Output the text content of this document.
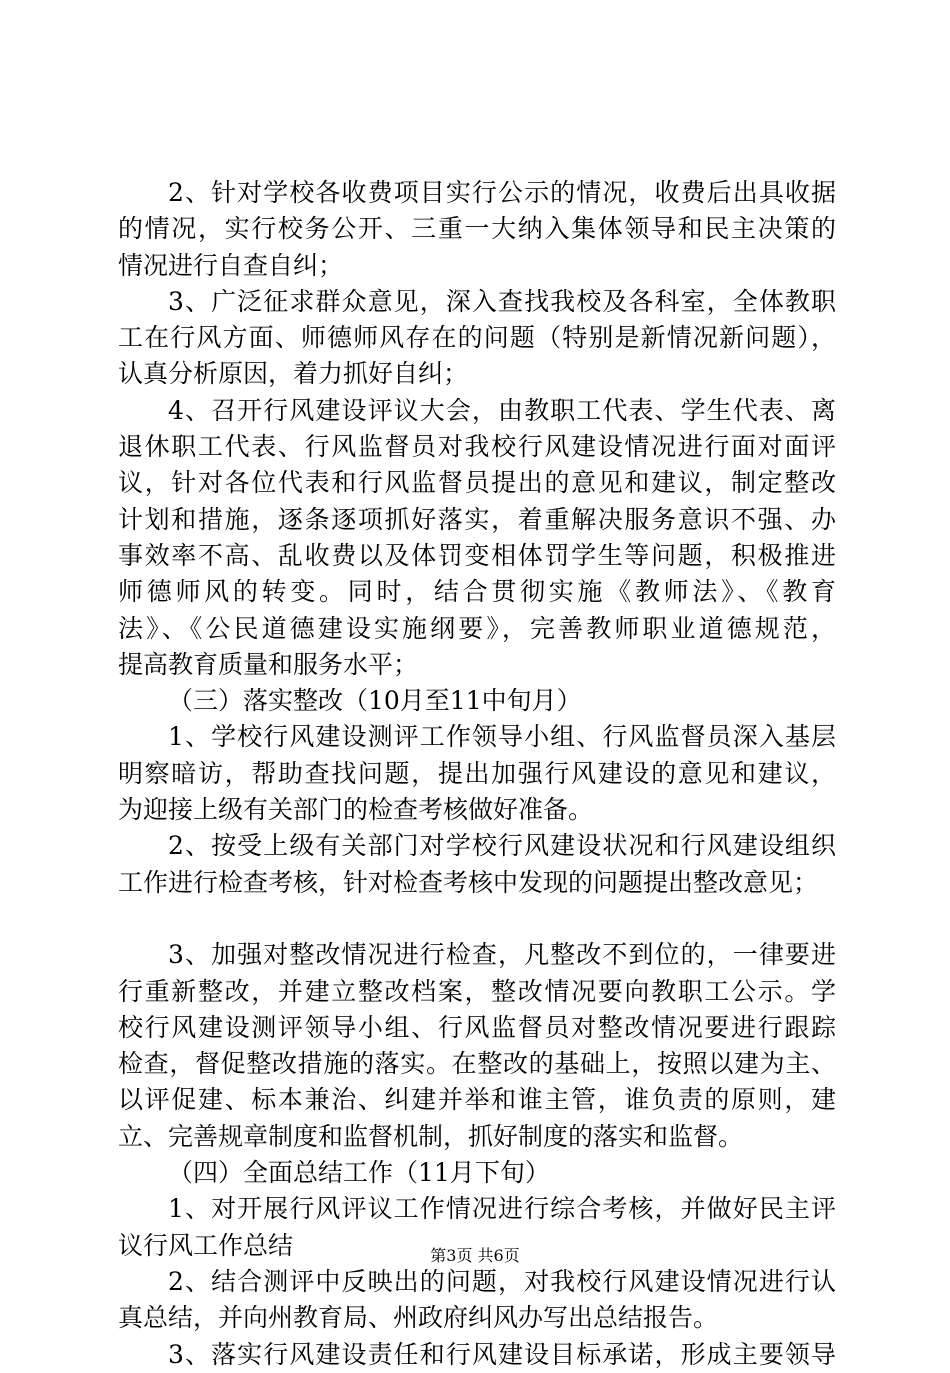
2、针对学校各收费项目实行公示的情况，收费后出具收据
的情况，实行校务公开、三重一大纳入集体领导和民主决策的
情况进行自查自纠；
3、广泛征求群众意见，深入查找我校及各科室，全体教职
工在行风方面、师德师风存在的问题（特别是新情况新问题），
认真分析原因，着力抓好自纠；
4、召开行风建设评议大会，由教职工代表、学生代表、离
退休职工代表、行风监督员对我校行风建设情况进行面对面评
议，针对各位代表和行风监督员提出的意见和建议，制定整改
计划和措施，逐条逐项抓好落实，着重解决服务意识不强、办
事效率不高、乱收费以及体罚变相体罚学生等问题，积极推进
师德师风的转变。同时，结合贯彻实施《教师法》、《教育
法》、《公民道德建设实施纲要》，完善教师职业道德规范，
提高教育质量和服务水平；
（三）落实整改（10月至11中旬月）
1、学校行风建设测评工作领导小组、行风监督员深入基层
明察暗访，帮助查找问题，提出加强行风建设的意见和建议，
为迎接上级有关部门的检查考核做好准备。
2、按受上级有关部门对学校行风建设状况和行风建设组织
工作进行检查考核，针对检查考核中发现的问题提出整改意见；
3、加强对整改情况进行检查，凡整改不到位的，一律要进
行重新整改，并建立整改档案，整改情况要向教职工公示。学
校行风建设测评领导小组、行风监督员对整改情况要进行跟踪
检查，督促整改措施的落实。在整改的基础上，按照以建为主、
以评促建、标本兼治、纠建并举和谁主管，谁负责的原则，建
立、完善规章制度和监督机制，抓好制度的落实和监督。
（四）全面总结工作（11月下旬）
1、对开展行风评议工作情况进行综合考核，并做好民主评
议行风工作总结
2、结合测评中反映出的问题，对我校行风建设情况进行认
真总结，并向州教育局、州政府纠风办写出总结报告。
3、落实行风建设责任和行风建设目标承诺，形成主要领导
第3页 共6页
